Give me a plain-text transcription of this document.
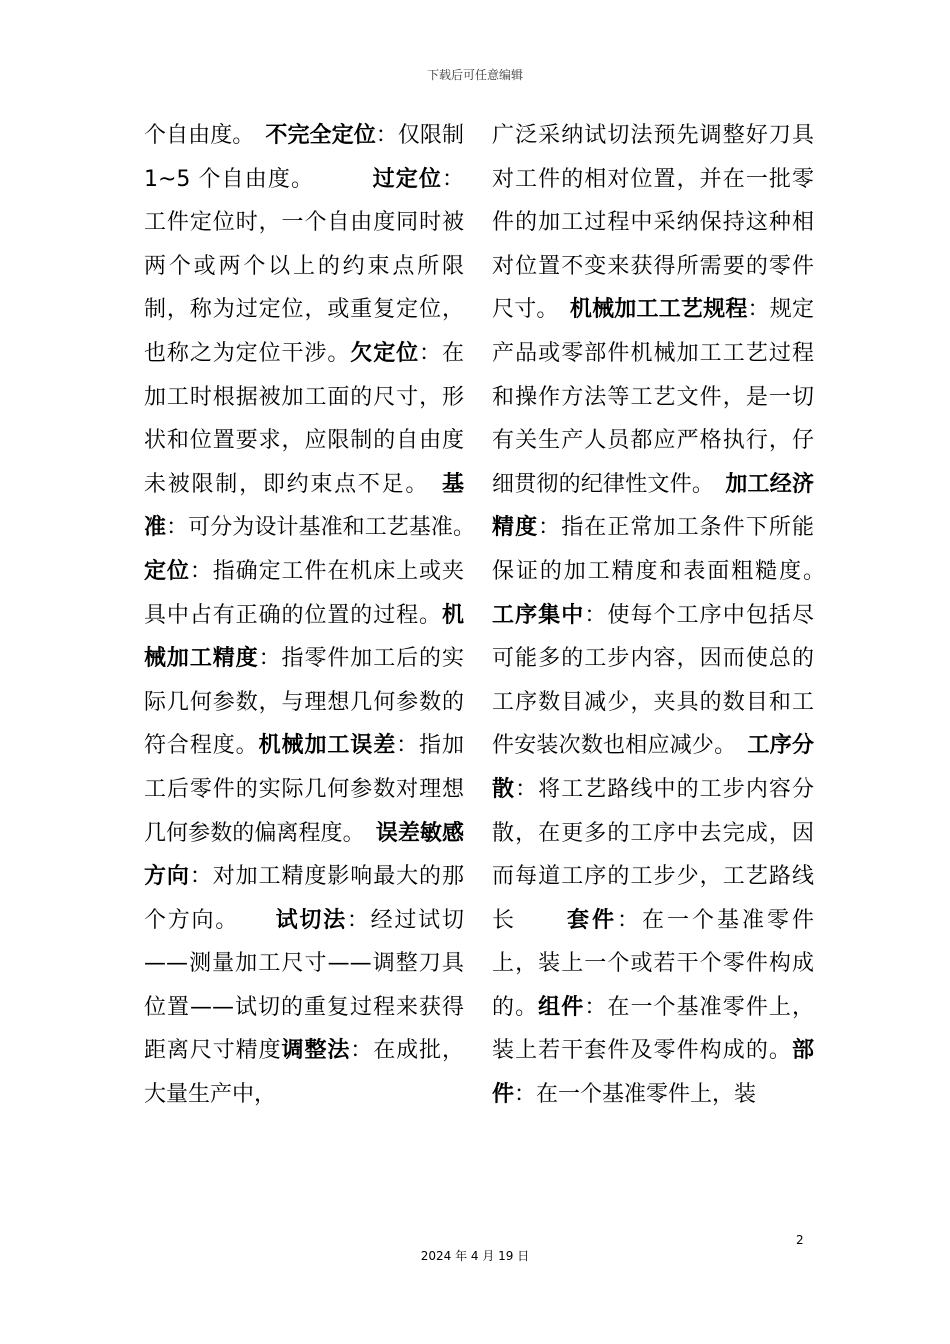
下载后可任意编辑

个自由度。　 不完全定位：仅限制 1~5 个自由度。　　　	过定位：工件定位时，一个自由度同时被两个或两个以上的约束点所限制，称为过定位，或重复定位，也称之为定位干涉。欠定位：在加工时根据被加工面的尺寸，形状和位置要求，应限制的自由度未被限制，即约束点不足。　 基准：可分为设计基准和工艺基准。　　定位：指确定工件在机床上或夹具中占有正确的位置的过程。机械加工精度：指零件加工后的实际几何参数，与理想几何参数的符合程度。机械加工误差：指加工后零件的实际几何参数对理想几何参数的偏离程度。　 误差敏感方向：对加工精度影响最大的那个方向。　　 试切法：经过试切——测量加工尺寸——调整刀具位置——试切的重复过程来获得距离尺寸精度调整法：在成批，大量生产中，

广泛采纳试切法预先调整好刀具对工件的相对位置，并在一批零件的加工过程中采纳保持这种相对位置不变来获得所需要的零件尺寸。　 机械加工工艺规程：规定产品或零部件机械加工工艺过程和操作方法等工艺文件，是一切有关生产人员都应严格执行，仔细贯彻的纪律性文件。　 加工经济精度：指在正常加工条件下所能保证的加工精度和表面粗糙度。　　工序集中：使每个工序中包括尽可能多的工步内容，因而使总的工序数目减少，夹具的数目和工件安装次数也相应减少。　 工序分散：将工艺路线中的工步内容分散，在更多的工序中去完成，因而每道工序的工步少，工艺路线长　　 套件：在一个基准零件上，装上一个或若干个零件构成的。组件：在一个基准零件上，装上若干套件及零件构成的。部件：在一个基准零件上，装

2
2024 年 4 月 19 日
